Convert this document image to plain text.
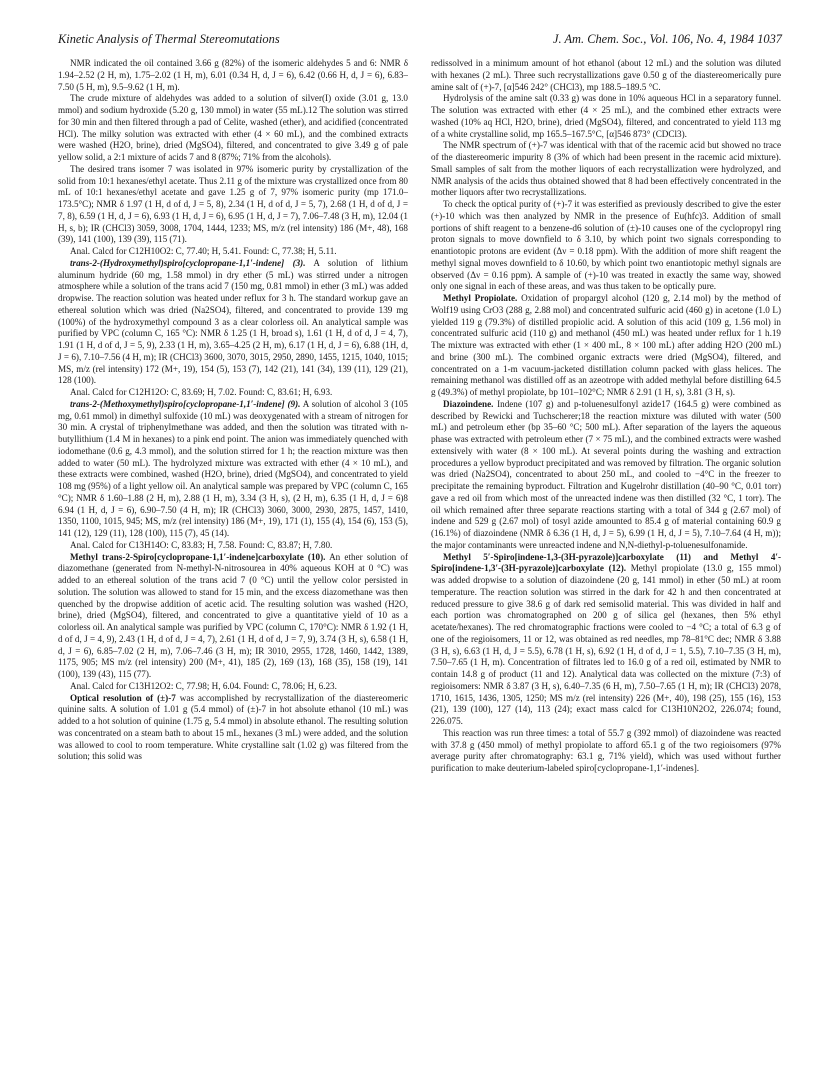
Kinetic Analysis of Thermal Stereomutations	J. Am. Chem. Soc., Vol. 106, No. 4, 1984 1037

NMR indicated the oil contained 3.66 g (82%) of the isomeric aldehydes 5 and 6: NMR δ 1.94–2.52 (2 H, m), 1.75–2.02 (1 H, m), 6.01 (0.34 H, d, J = 6), 6.42 (0.66 H, d, J = 6), 6.83–7.50 (5 H, m), 9.5–9.62 (1 H, m).

The crude mixture of aldehydes was added to a solution of silver(I) oxide (3.01 g, 13.0 mmol) and sodium hydroxide (5.20 g, 130 mmol) in water (55 mL).12 The solution was stirred for 30 min and then filtered through a pad of Celite, washed (ether), and acidified (concentrated HCl). The milky solution was extracted with ether (4 × 60 mL), and the combined extracts were washed (H2O, brine), dried (MgSO4), filtered, and concentrated to give 3.49 g of pale yellow solid, a 2:1 mixture of acids 7 and 8 (87%; 71% from the alcohols).

The desired trans isomer 7 was isolated in 97% isomeric purity by crystallization of the solid from 10:1 hexanes/ethyl acetate. Thus 2.11 g of the mixture was crystallized once from 80 mL of 10:1 hexanes/ethyl acetate and gave 1.25 g of 7, 97% isomeric purity (mp 171.0–173.5°C); NMR δ 1.97 (1 H, d of d, J = 5, 8), 2.34 (1 H, d of d, J = 5, 7), 2.68 (1 H, d of d, J = 7, 8), 6.59 (1 H, d, J = 6), 6.93 (1 H, d, J = 6), 6.95 (1 H, d, J = 7), 7.06–7.48 (3 H, m), 12.04 (1 H, s, b); IR (CHCl3) 3059, 3008, 1704, 1444, 1233; MS, m/z (rel intensity) 186 (M+, 48), 168 (39), 141 (100), 139 (39), 115 (71).

Anal. Calcd for C12H10O2: C, 77.40; H, 5.41. Found: C, 77.38; H, 5.11.

trans-2-(Hydroxymethyl)spiro[cyclopropane-1,1′-indene] (3). A solution of lithium aluminum hydride (60 mg, 1.58 mmol) in dry ether (5 mL) was stirred under a nitrogen atmosphere while a solution of the trans acid 7 (150 mg, 0.81 mmol) in ether (3 mL) was added dropwise. The reaction solution was heated under reflux for 3 h. The standard workup gave an ethereal solution which was dried (Na2SO4), filtered, and concentrated to provide 139 mg (100%) of the hydroxymethyl compound 3 as a clear colorless oil. An analytical sample was purified by VPC (column C, 165 °C): NMR δ 1.25 (1 H, broad s), 1.61 (1 H, d of d, J = 4, 7), 1.91 (1 H, d of d, J = 5, 9), 2.33 (1 H, m), 3.65–4.25 (2 H, m), 6.17 (1 H, d, J = 6), 6.88 (1H, d, J = 6), 7.10–7.56 (4 H, m); IR (CHCl3) 3600, 3070, 3015, 2950, 2890, 1455, 1215, 1040, 1015; MS, m/z (rel intensity) 172 (M+, 19), 154 (5), 153 (7), 142 (21), 141 (34), 139 (11), 129 (21), 128 (100).

Anal. Calcd for C12H12O: C, 83.69; H, 7.02. Found: C, 83.61; H, 6.93.

trans-2-(Methoxymethyl)spiro[cyclopropane-1,1′-indene] (9). A solution of alcohol 3 (105 mg, 0.61 mmol) in dimethyl sulfoxide (10 mL) was deoxygenated with a stream of nitrogen for 30 min. A crystal of triphenylmethane was added, and then the solution was titrated with n-butyllithium (1.4 M in hexanes) to a pink end point. The anion was immediately quenched with iodomethane (0.6 g, 4.3 mmol), and the solution stirred for 1 h; the reaction mixture was then added to water (50 mL). The hydrolyzed mixture was extracted with ether (4 × 10 mL), and these extracts were combined, washed (H2O, brine), dried (MgSO4), and concentrated to yield 108 mg (95%) of a light yellow oil. An analytical sample was prepared by VPC (column C, 165 °C); NMR δ 1.60–1.88 (2 H, m), 2.88 (1 H, m), 3.34 (3 H, s), (2 H, m), 6.35 (1 H, d, J = 6)8 6.94 (1 H, d, J = 6), 6.90–7.50 (4 H, m); IR (CHCl3) 3060, 3000, 2930, 2875, 1457, 1410, 1350, 1100, 1015, 945; MS, m/z (rel intensity) 186 (M+, 19), 171 (1), 155 (4), 154 (6), 153 (5), 141 (12), 129 (11), 128 (100), 115 (7), 45 (14).

Anal. Calcd for C13H14O: C, 83.83; H, 7.58. Found: C, 83.87; H, 7.80.

Methyl trans-2-Spiro[cyclopropane-1,1′-indene]carboxylate (10). An ether solution of diazomethane (generated from N-methyl-N-nitrosourea in 40% aqueous KOH at 0 °C) was added to an ethereal solution of the trans acid 7 (0 °C) until the yellow color persisted in solution. The solution was allowed to stand for 15 min, and the excess diazomethane was then quenched by the dropwise addition of acetic acid. The resulting solution was washed (H2O, brine), dried (MgSO4), filtered, and concentrated to give a quantitative yield of 10 as a colorless oil. An analytical sample was purified by VPC (column C, 170°C): NMR δ 1.92 (1 H, d of d, J = 4, 9), 2.43 (1 H, d of d, J = 4, 7), 2.61 (1 H, d of d, J = 7, 9), 3.74 (3 H, s), 6.58 (1 H, d, J = 6), 6.85–7.02 (2 H, m), 7.06–7.46 (3 H, m); IR 3010, 2955, 1728, 1460, 1442, 1389, 1175, 905; MS m/z (rel intensity) 200 (M+, 41), 185 (2), 169 (13), 168 (35), 158 (19), 141 (100), 139 (43), 115 (77).

Anal. Calcd for C13H12O2: C, 77.98; H, 6.04. Found: C, 78.06; H, 6.23.

Optical resolution of (±)-7 was accomplished by recrystallization of the diastereomeric quinine salts. A solution of 1.01 g (5.4 mmol) of (±)-7 in hot absolute ethanol (10 mL) was added to a hot solution of quinine (1.75 g, 5.4 mmol) in absolute ethanol. The resulting solution was concentrated on a steam bath to about 15 mL, hexanes (3 mL) were added, and the solution was allowed to cool to room temperature. White crystalline salt (1.02 g) was filtered from the solution; this solid was

redissolved in a minimum amount of hot ethanol (about 12 mL) and the solution was diluted with hexanes (2 mL). Three such recrystallizations gave 0.50 g of the diastereomerically pure amine salt of (+)-7, [α]546 242° (CHCl3), mp 188.5–189.5 °C.

Hydrolysis of the amine salt (0.33 g) was done in 10% aqueous HCl in a separatory funnel. The solution was extracted with ether (4 × 25 mL), and the combined ether extracts were washed (10% aq HCl, H2O, brine), dried (MgSO4), filtered, and concentrated to yield 113 mg of a white crystalline solid, mp 165.5–167.5°C, [α]546 873° (CDCl3).

The NMR spectrum of (+)-7 was identical with that of the racemic acid but showed no trace of the diastereomeric impurity 8 (3% of which had been present in the racemic acid mixture). Small samples of salt from the mother liquors of each recrystallization were hydrolyzed, and NMR analysis of the acids thus obtained showed that 8 had been effectively concentrated in the mother liquors after two recrystallizations.

To check the optical purity of (+)-7 it was esterified as previously described to give the ester (+)-10 which was then analyzed by NMR in the presence of Eu(hfc)3. Addition of small portions of shift reagent to a benzene-d6 solution of (±)-10 causes one of the cyclopropyl ring proton signals to move downfield to δ 3.10, by which point two signals corresponding to enantiotopic protons are evident (Δν = 0.18 ppm). With the addition of more shift reagent the methyl signal moves downfield to δ 10.60, by which point two enantiotopic methyl signals are observed (Δν = 0.16 ppm). A sample of (+)-10 was treated in exactly the same way, showed only one signal in each of these areas, and was thus taken to be optically pure.

Methyl Propiolate. Oxidation of propargyl alcohol (120 g, 2.14 mol) by the method of Wolf19 using CrO3 (288 g, 2.88 mol) and concentrated sulfuric acid (460 g) in acetone (1.0 L) yielded 119 g (79.3%) of distilled propiolic acid. A solution of this acid (109 g, 1.56 mol) in concentrated sulfuric acid (110 g) and methanol (450 mL) was heated under reflux for 1 h.19 The mixture was extracted with ether (1 × 400 mL, 8 × 100 mL) after adding H2O (200 mL) and brine (300 mL). The combined organic extracts were dried (MgSO4), filtered, and concentrated on a 1-m vacuum-jacketed distillation column packed with glass helices. The remaining methanol was distilled off as an azeotrope with added methylal before distilling 64.5 g (49.3%) of methyl propiolate, bp 101–102°C; NMR δ 2.91 (1 H, s), 3.81 (3 H, s).

Diazoindene. Indene (107 g) and p-toluenesulfonyl azide17 (164.5 g) were combined as described by Rewicki and Tuchscherer;18 the reaction mixture was diluted with water (500 mL) and petroleum ether (bp 35–60 °C; 500 mL). After separation of the layers the aqueous phase was extracted with petroleum ether (7 × 75 mL), and the combined extracts were washed extensively with water (8 × 100 mL). At several points during the washing and extraction procedures a yellow byproduct precipitated and was removed by filtration. The organic solution was dried (Na2SO4), concentrated to about 250 mL, and cooled to −4°C in the freezer to precipitate the remaining byproduct. Filtration and Kugelrohr distillation (40–90 °C, 0.01 torr) gave a red oil from which most of the unreacted indene was then distilled (32 °C, 1 torr). The oil which remained after three separate reactions starting with a total of 344 g (2.67 mol) of indene and 529 g (2.67 mol) of tosyl azide amounted to 85.4 g of material containing 60.9 g (16.1%) of diazoindene (NMR δ 6.36 (1 H, d, J = 5), 6.99 (1 H, d, J = 5), 7.10–7.64 (4 H, m)); the major contaminants were unreacted indene and N,N-diethyl-p-toluenesulfonamide.

Methyl 5′-Spiro[indene-1,3-(3H-pyrazole)]carboxylate (11) and Methyl 4′-Spiro[indene-1,3′-(3H-pyrazole)]carboxylate (12). Methyl propiolate (13.0 g, 155 mmol) was added dropwise to a solution of diazoindene (20 g, 141 mmol) in ether (50 mL) at room temperature. The reaction solution was stirred in the dark for 42 h and then concentrated at reduced pressure to give 38.6 g of dark red semisolid material. This was divided in half and each portion was chromatographed on 200 g of silica gel (hexanes, then 5% ethyl acetate/hexanes). The red chromatographic fractions were cooled to −4 °C; a total of 6.3 g of one of the regioisomers, 11 or 12, was obtained as red needles, mp 78–81°C dec; NMR δ 3.88 (3 H, s), 6.63 (1 H, d, J = 5.5), 6.78 (1 H, s), 6.92 (1 H, d of d, J = 1, 5.5), 7.10–7.35 (3 H, m), 7.50–7.65 (1 H, m). Concentration of filtrates led to 16.0 g of a red oil, estimated by NMR to contain 14.8 g of product (11 and 12). Analytical data was collected on the mixture (7:3) of regioisomers: NMR δ 3.87 (3 H, s), 6.40–7.35 (6 H, m), 7.50–7.65 (1 H, m); IR (CHCl3) 2078, 1710, 1615, 1436, 1305, 1250; MS m/z (rel intensity) 226 (M+, 40), 198 (25), 155 (16), 153 (21), 139 (100), 127 (14), 113 (24); exact mass calcd for C13H10N2O2, 226.074; found, 226.075.

This reaction was run three times: a total of 55.7 g (392 mmol) of diazoindene was reacted with 37.8 g (450 mmol) of methyl propiolate to afford 65.1 g of the two regioisomers (97% average purity after chromatography: 63.1 g, 71% yield), which was used without further purification to make deuterium-labeled spiro[cyclopropane-1,1′-indenes].
